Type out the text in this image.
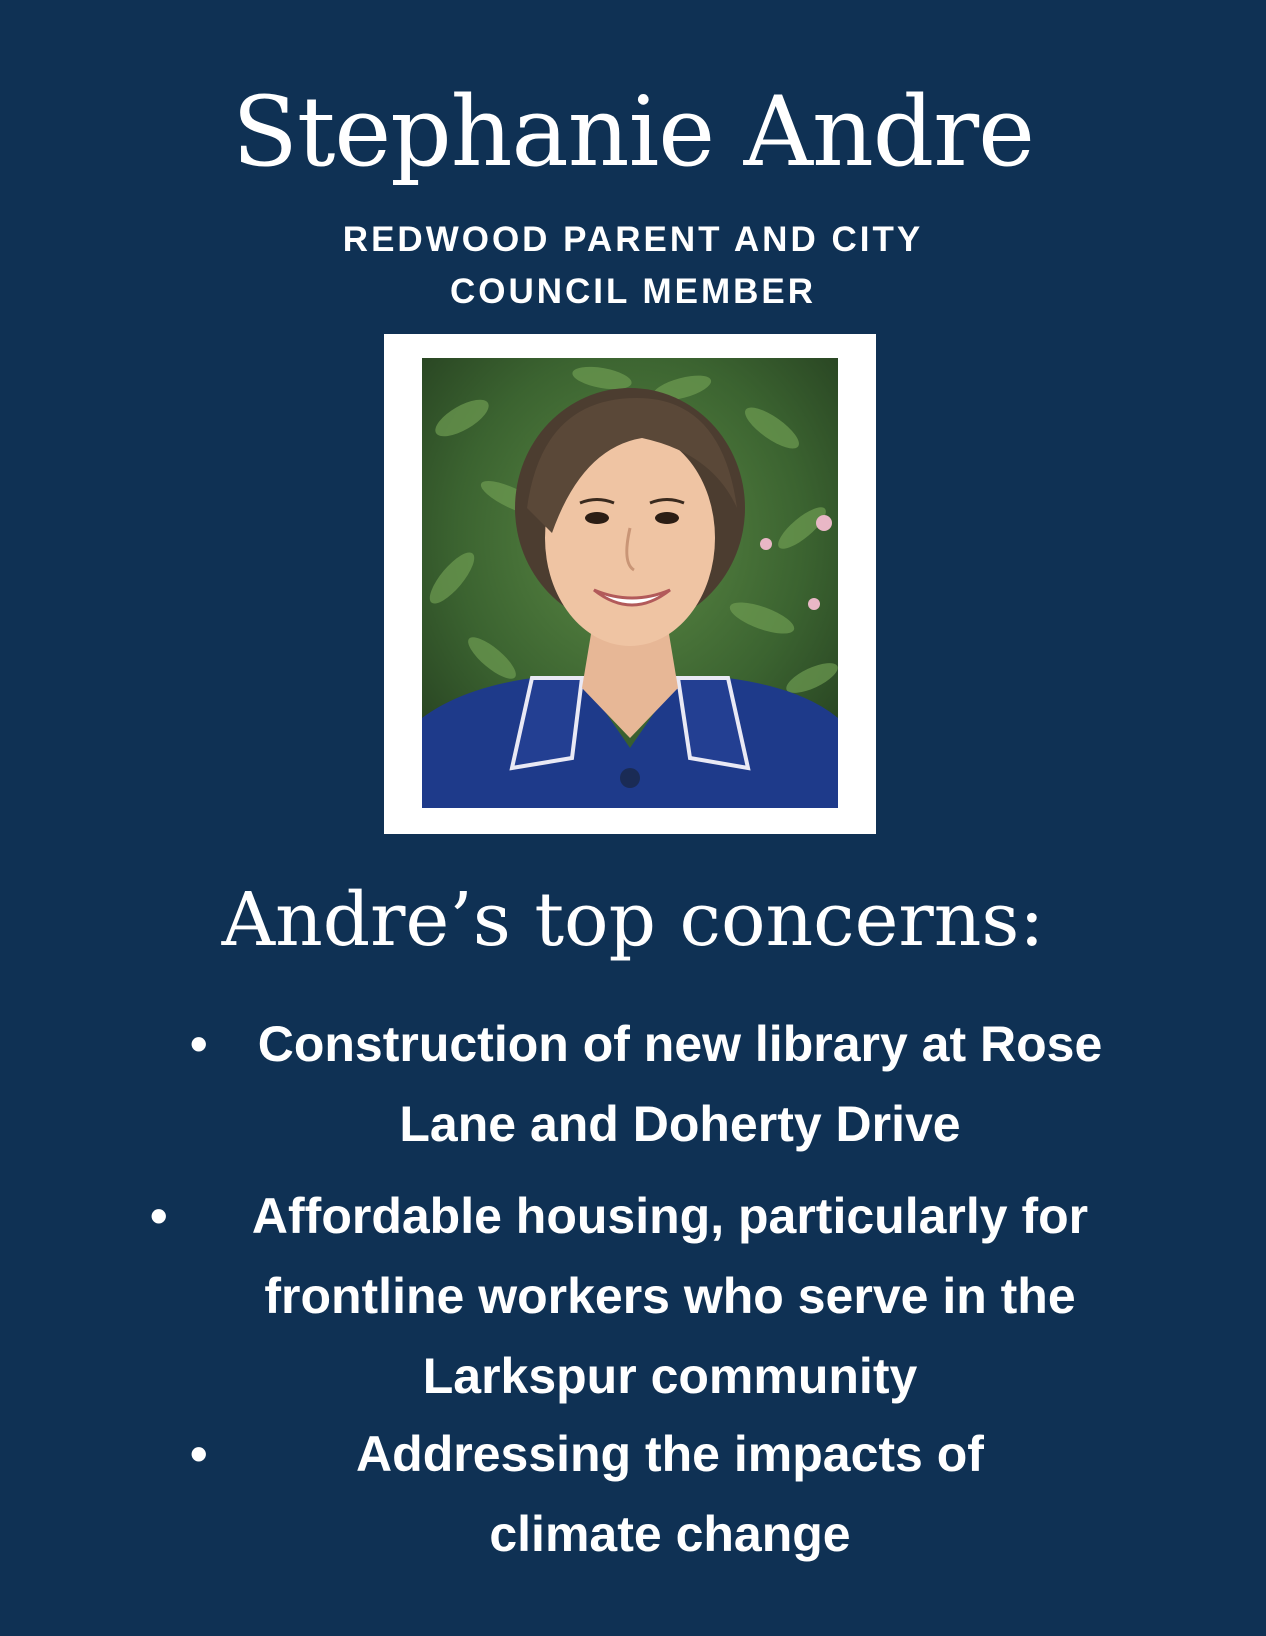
Stephanie Andre
REDWOOD PARENT AND CITY COUNCIL MEMBER
Andre’s top concerns:
• Construction of new library at Rose Lane and Doherty Drive
•	Affordable housing, particularly for frontline workers who serve in the Larkspur community
•	Addressing the impacts of climate change
